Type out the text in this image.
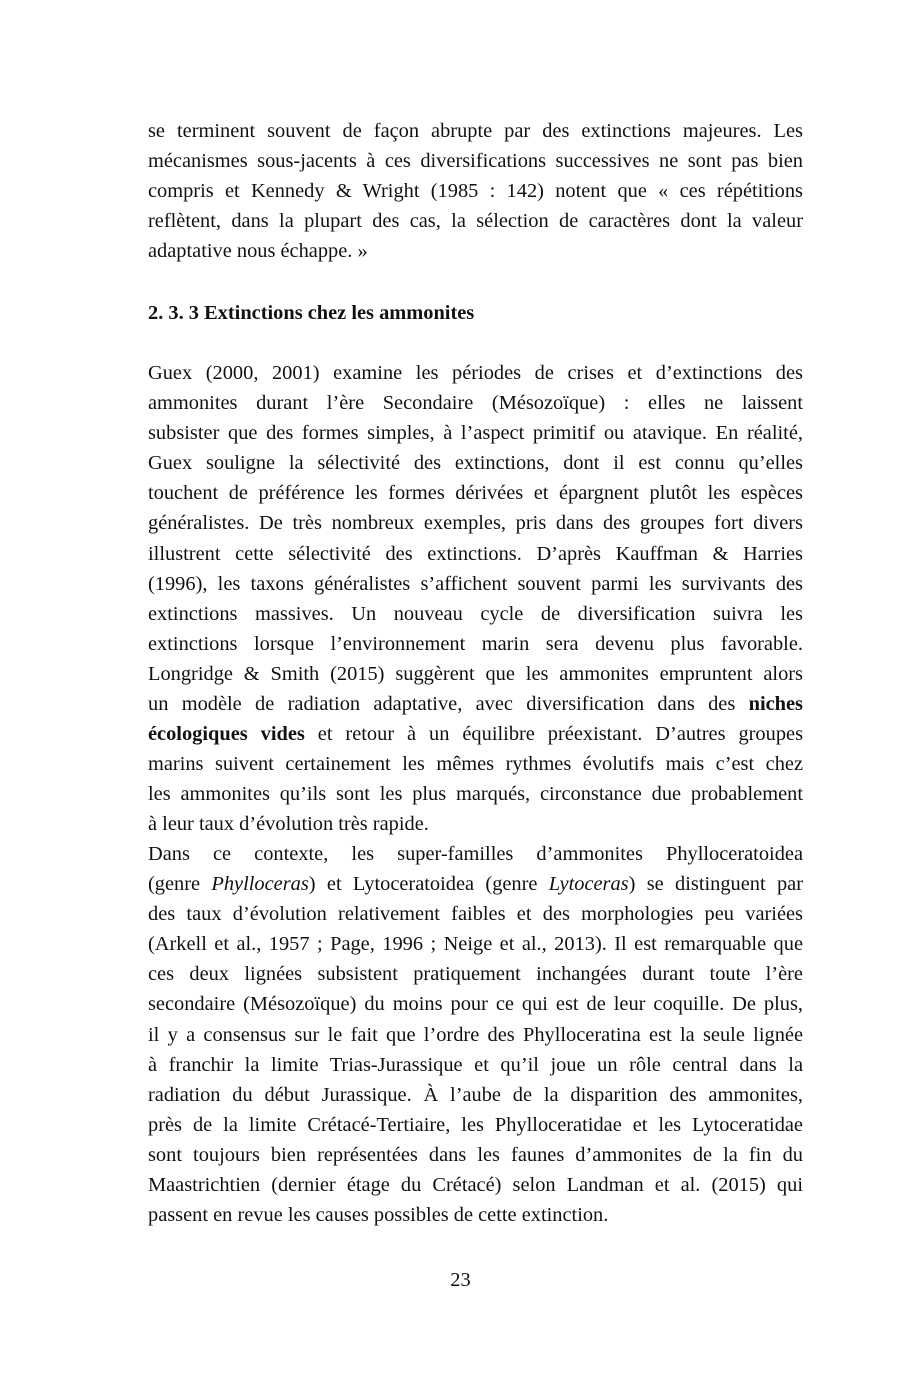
se terminent souvent de façon abrupte par des extinctions majeures. Les
mécanismes sous-jacents à ces diversifications successives ne sont pas bien
compris et Kennedy & Wright (1985 : 142) notent que « ces répétitions
reflètent, dans la plupart des cas, la sélection de caractères dont la valeur
adaptative nous échappe. »
2. 3. 3 Extinctions chez les ammonites
Guex (2000, 2001) examine les périodes de crises et d’extinctions des
ammonites durant l’ère Secondaire (Mésozoïque) : elles ne laissent
subsister que des formes simples, à l’aspect primitif ou atavique. En réalité,
Guex souligne la sélectivité des extinctions, dont il est connu qu’elles
touchent de préférence les formes dérivées et épargnent plutôt les espèces
généralistes. De très nombreux exemples, pris dans des groupes fort divers
illustrent cette sélectivité des extinctions. D’après Kauffman & Harries
(1996), les taxons généralistes s’affichent souvent parmi les survivants des
extinctions massives. Un nouveau cycle de diversification suivra les
extinctions lorsque l’environnement marin sera devenu plus favorable.
Longridge & Smith (2015) suggèrent que les ammonites empruntent alors
un modèle de radiation adaptative, avec diversification dans des niches
écologiques vides et retour à un équilibre préexistant. D’autres groupes
marins suivent certainement les mêmes rythmes évolutifs mais c’est chez
les ammonites qu’ils sont les plus marqués, circonstance due probablement
à leur taux d’évolution très rapide.
Dans ce contexte, les super-familles d’ammonites Phylloceratoidea
(genre Phylloceras) et Lytoceratoidea (genre Lytoceras) se distinguent par
des taux d’évolution relativement faibles et des morphologies peu variées
(Arkell et al., 1957 ; Page, 1996 ; Neige et al., 2013). Il est remarquable que
ces deux lignées subsistent pratiquement inchangées durant toute l’ère
secondaire (Mésozoïque) du moins pour ce qui est de leur coquille. De plus,
il y a consensus sur le fait que l’ordre des Phylloceratina est la seule lignée
à franchir la limite Trias-Jurassique et qu’il joue un rôle central dans la
radiation du début Jurassique. À l’aube de la disparition des ammonites,
près de la limite Crétacé-Tertiaire, les Phylloceratidae et les Lytoceratidae
sont toujours bien représentées dans les faunes d’ammonites de la fin du
Maastrichtien (dernier étage du Crétacé) selon Landman et al. (2015) qui
passent en revue les causes possibles de cette extinction.
23
